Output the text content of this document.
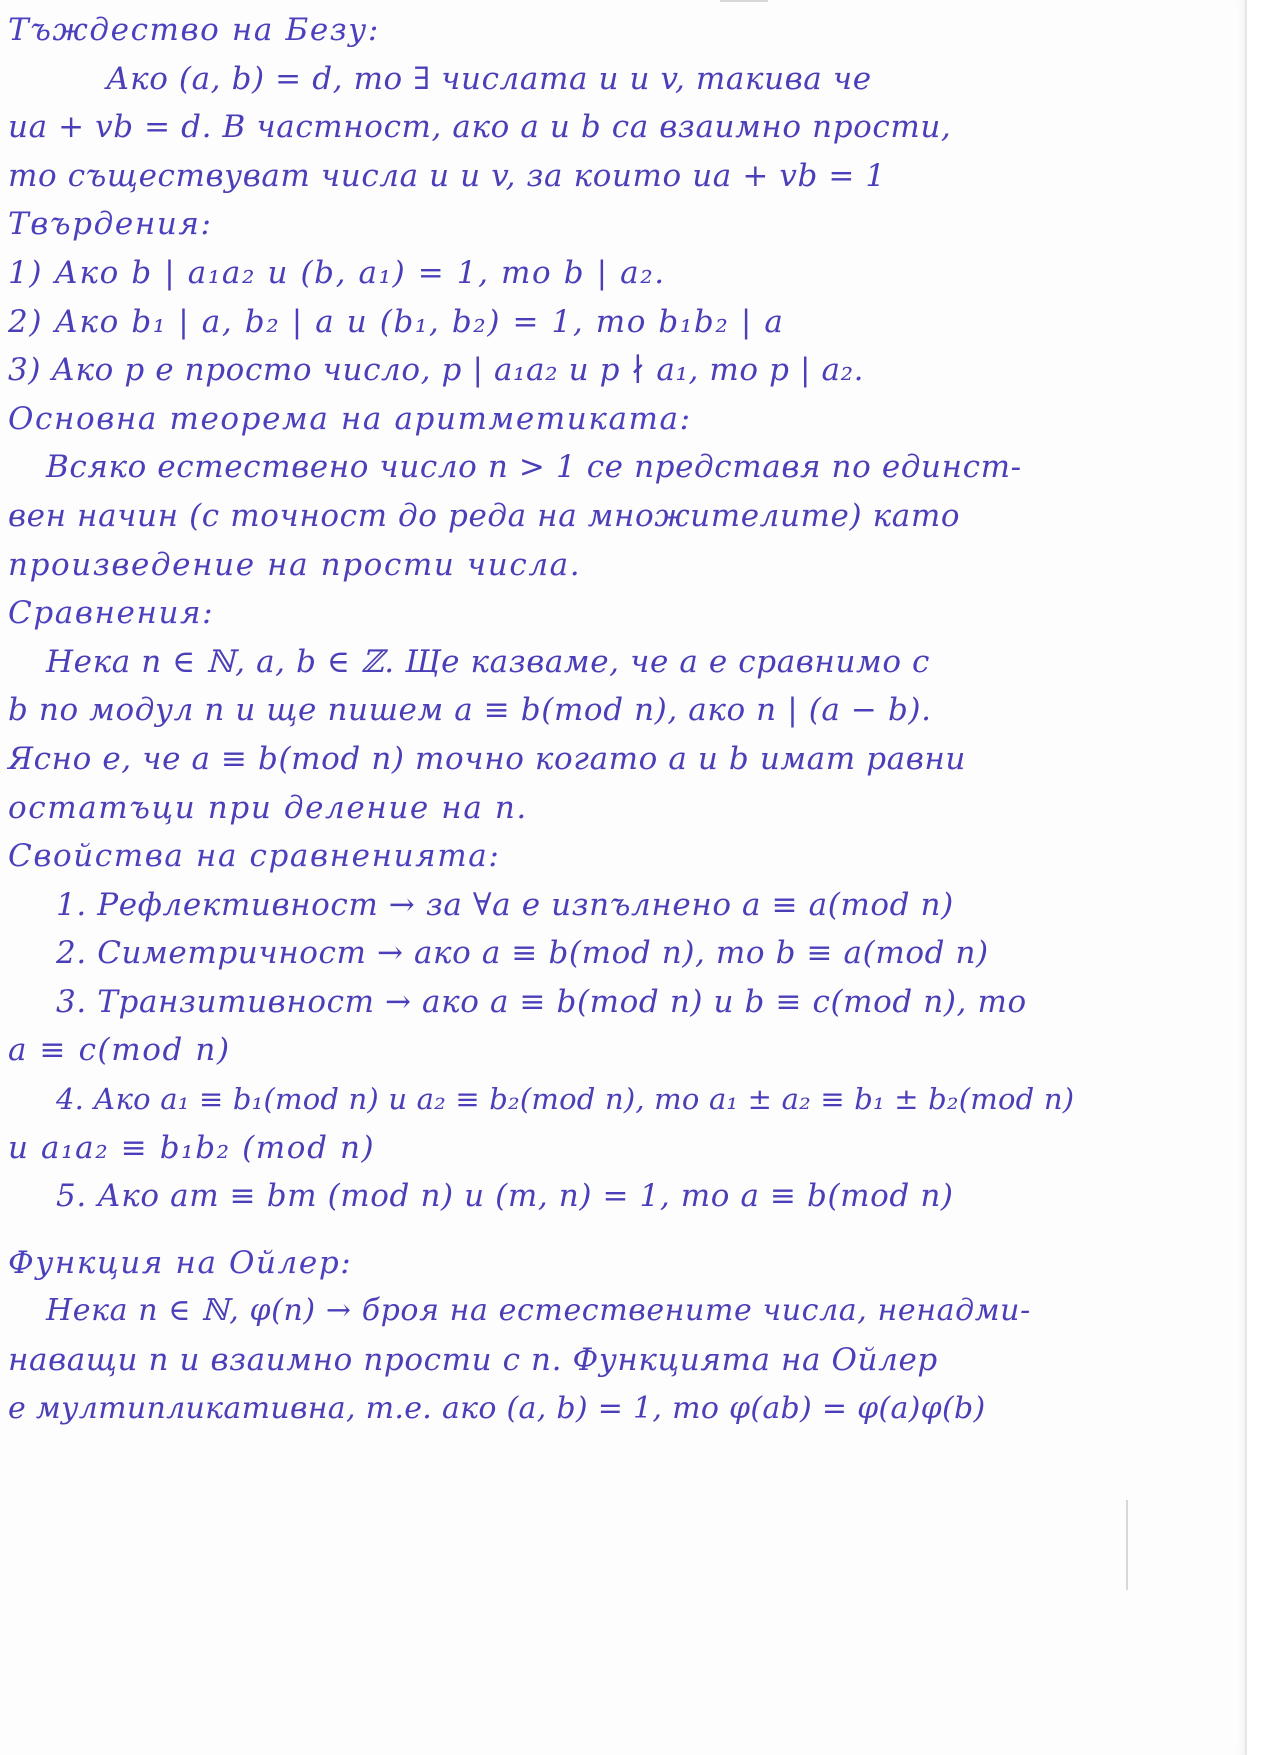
Тъждество на Безу:
Ако (a, b) = d, то ∃ числата u и v, такива че
ua + vb = d. В частност, ако a и b са взаимно прости,
то съществуват числа u и v, за които ua + vb = 1
Твърдения:
1) Ако b | a₁a₂ и (b, a₁) = 1, то b | a₂.
2) Ако b₁ | a, b₂ | a и (b₁, b₂) = 1, то b₁b₂ | a
3) Ако p е просто число, p | a₁a₂ и p ∤ a₁, то p | a₂.
Основна теорема на аритметиката:
Всяко естествено число n > 1 се представя по единст-
вен начин (с точност до реда на множителите) като
произведение на прости числа.
Сравнения:
Нека n ∈ ℕ, a, b ∈ ℤ. Ще казваме, че a е сравнимо с
b по модул n и ще пишем a ≡ b(mod n), ако n | (a − b).
Ясно е, че a ≡ b(mod n) точно когато a и b имат равни
остатъци при деление на n.
Свойства на сравненията:
1. Рефлективност → за ∀a е изпълнено a ≡ a(mod n)
2. Симетричност → ако a ≡ b(mod n), то b ≡ a(mod n)
3. Транзитивност → ако a ≡ b(mod n) и b ≡ c(mod n), то
a ≡ c(mod n)
4. Ако a₁ ≡ b₁(mod n) и a₂ ≡ b₂(mod n), то a₁ ± a₂ ≡ b₁ ± b₂(mod n)
и a₁a₂ ≡ b₁b₂ (mod n)
5. Ако am ≡ bm (mod n) и (m, n) = 1, то a ≡ b(mod n)
Функция на Ойлер:
Нека n ∈ ℕ, φ(n) → броя на естествените числа, ненадми-
наващи n и взаимно прости с n. Функцията на Ойлер
е мултипликативна, т.е. ако (a, b) = 1, то φ(ab) = φ(a)φ(b)
